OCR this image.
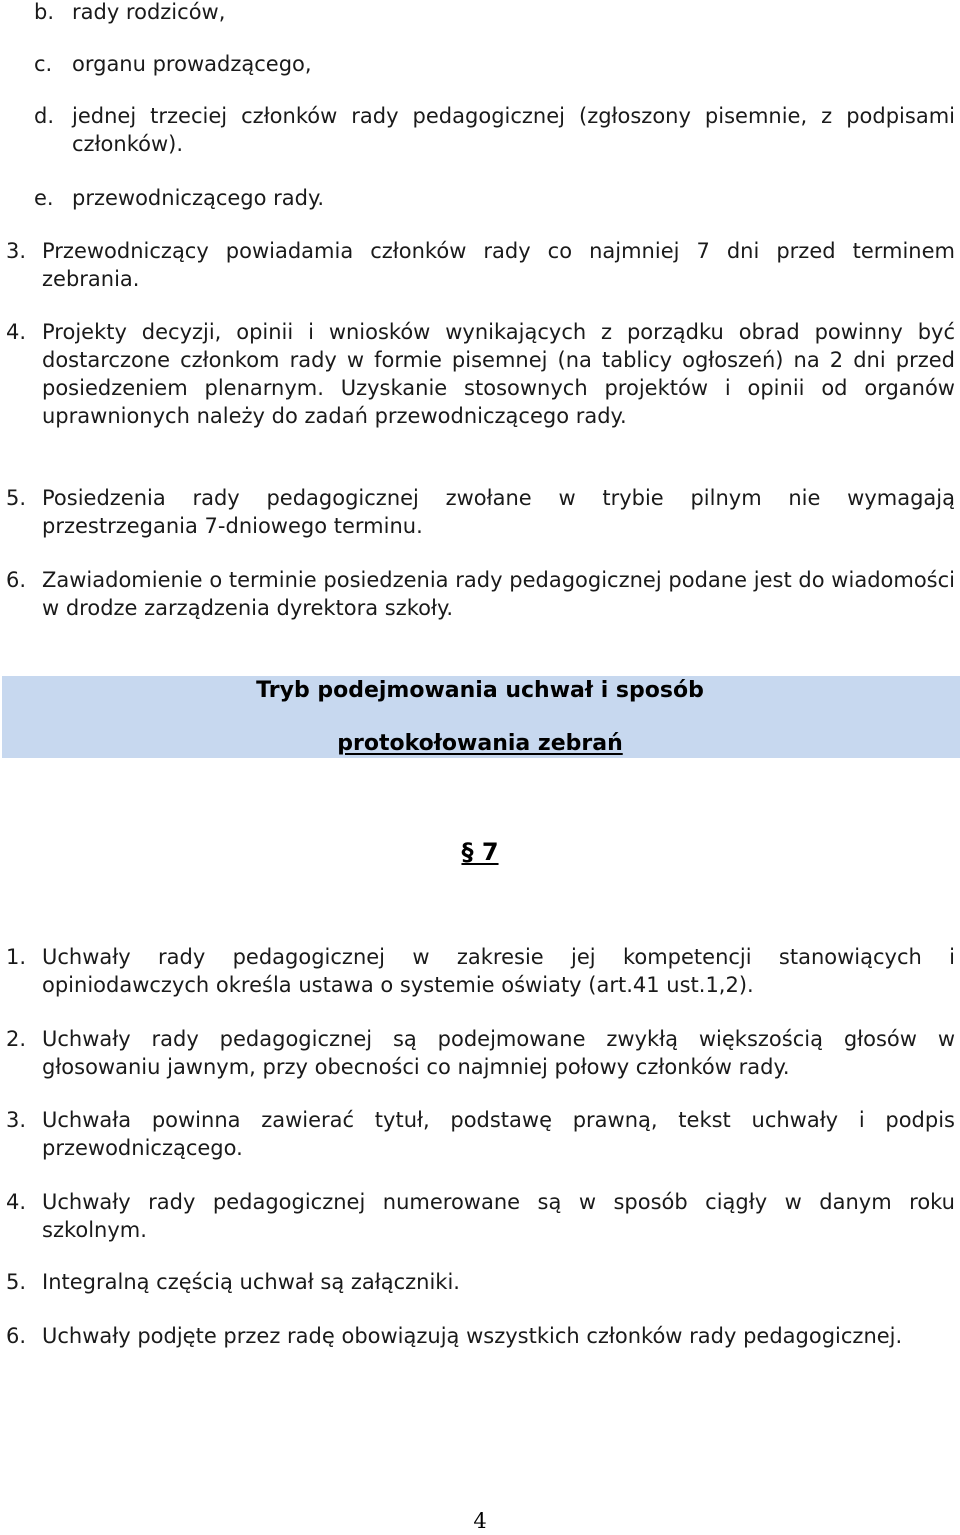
b. rady rodziców,
c. organu prowadzącego,
d. jednej trzeciej członków rady pedagogicznej (zgłoszony pisemnie, z podpisami członków).
e. przewodniczącego rady.
3. Przewodniczący powiadamia członków rady co najmniej 7 dni przed terminem zebrania.
4. Projekty decyzji, opinii i wniosków wynikających z porządku obrad powinny być dostarczone członkom rady w formie pisemnej (na tablicy ogłoszeń) na 2 dni przed posiedzeniem plenarnym. Uzyskanie stosownych projektów i opinii od organów uprawnionych należy do zadań przewodniczącego rady.
5. Posiedzenia rady pedagogicznej zwołane w trybie pilnym nie wymagają przestrzegania 7-dniowego terminu.
6. Zawiadomienie o terminie posiedzenia rady pedagogicznej podane jest do wiadomości w drodze zarządzenia dyrektora szkoły.
Tryb podejmowania uchwał i sposób
protokołowania zebrań
§ 7
1. Uchwały rady pedagogicznej w zakresie jej kompetencji stanowiących i opiniodawczych określa ustawa o systemie oświaty (art.41 ust.1,2).
2. Uchwały rady pedagogicznej są podejmowane zwykłą większością głosów w głosowaniu jawnym, przy obecności co najmniej połowy członków rady.
3. Uchwała powinna zawierać tytuł, podstawę prawną, tekst uchwały i podpis przewodniczącego.
4. Uchwały rady pedagogicznej numerowane są w sposób ciągły w danym roku szkolnym.
5. Integralną częścią uchwał są załączniki.
6. Uchwały podjęte przez radę obowiązują wszystkich członków rady pedagogicznej.
4
